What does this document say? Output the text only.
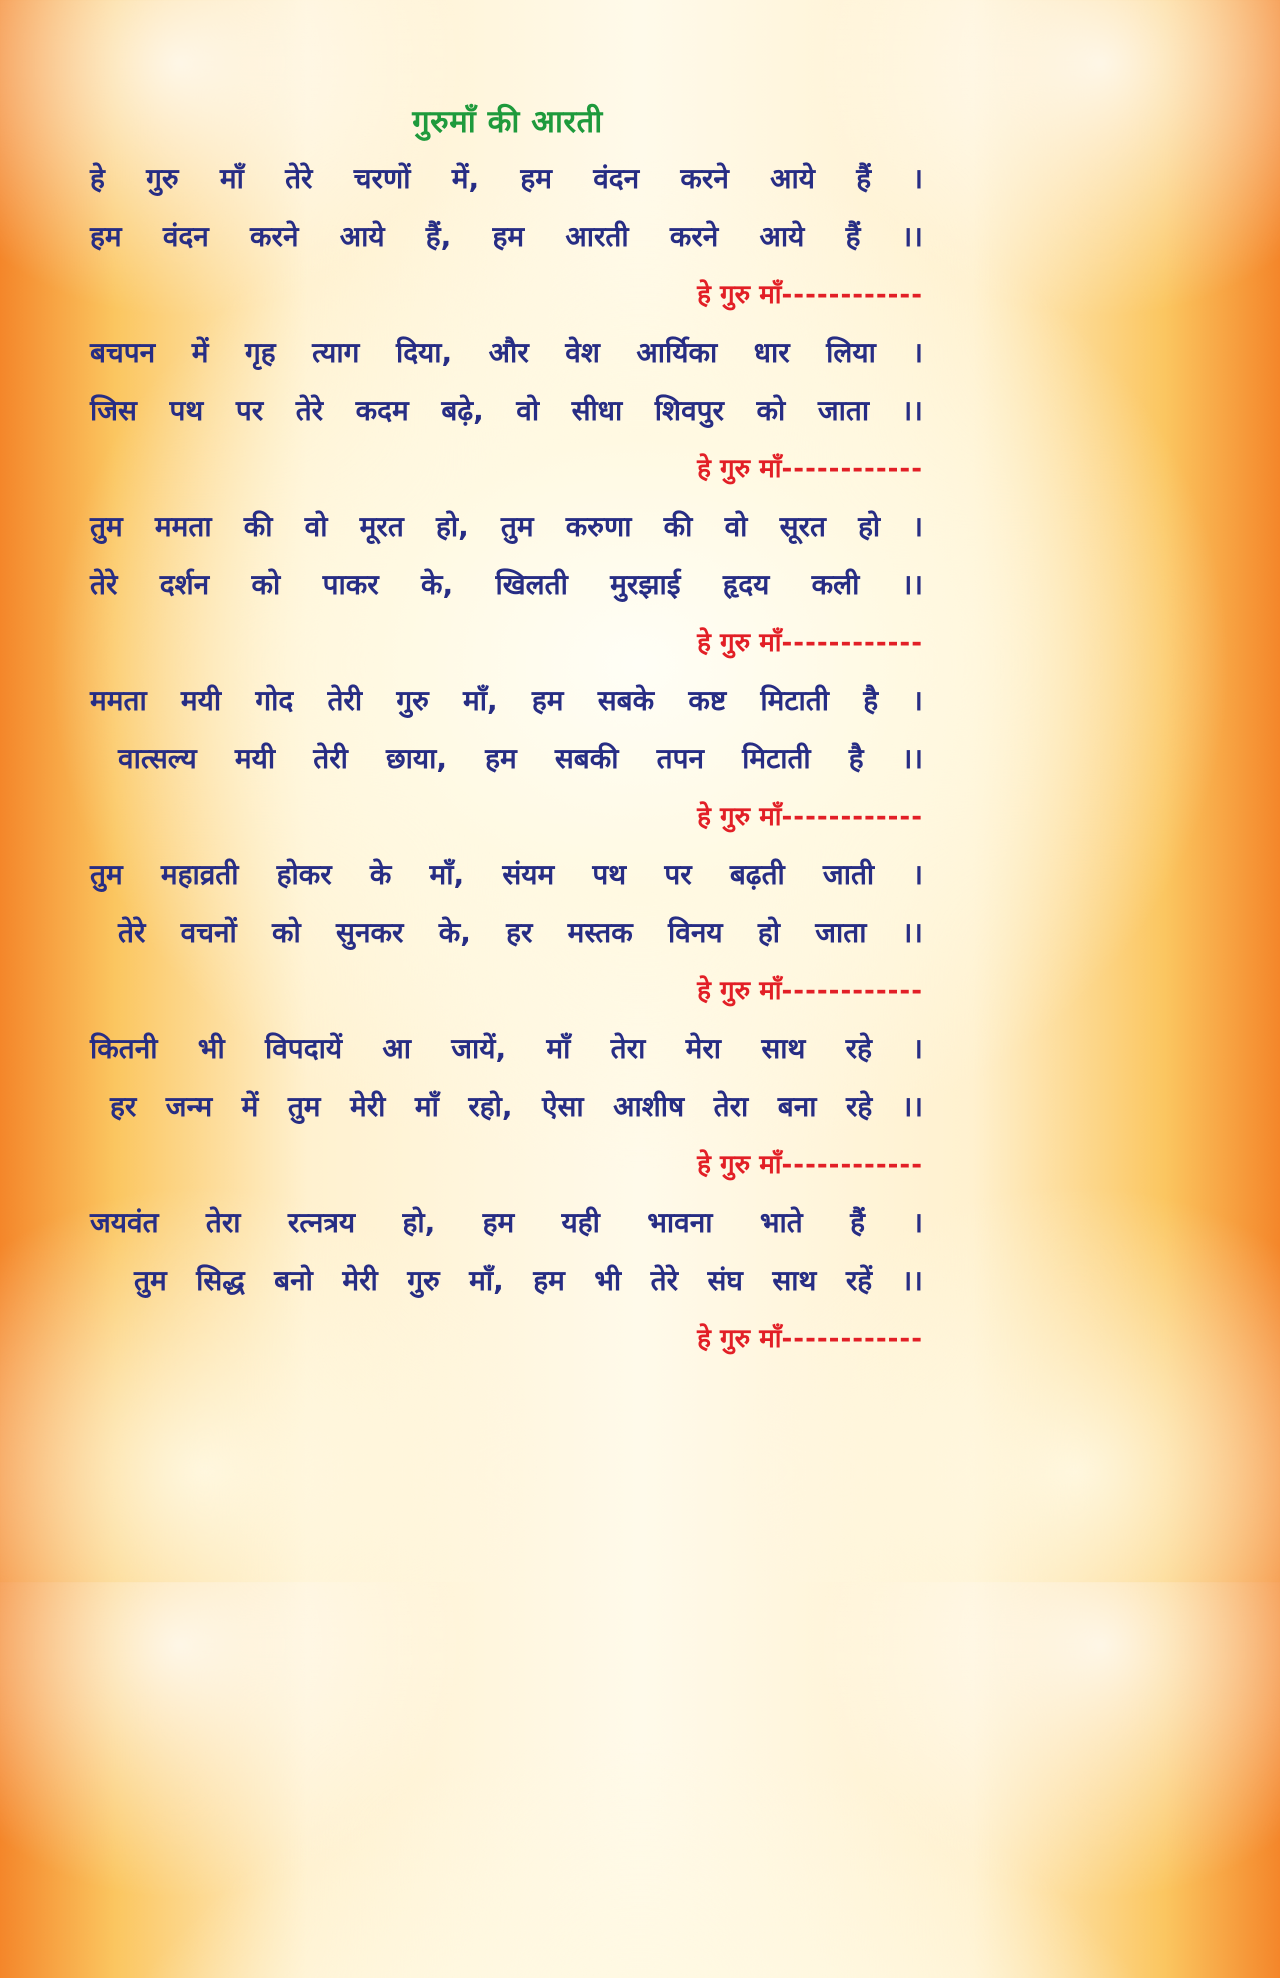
गुरुमाँ की आरती
हे गुरु माँ तेरे चरणों में, हम वंदन करने आये हैं ।
हम वंदन करने आये हैं, हम आरती करने आये हैं ।।
हे गुरु माँ------------
बचपन में गृह त्याग दिया, और वेश आर्यिका धार लिया ।
जिस पथ पर तेरे कदम बढ़े, वो सीधा शिवपुर को जाता ।।
हे गुरु माँ------------
तुम ममता की वो मूरत हो, तुम करुणा की वो सूरत हो ।
तेरे दर्शन को पाकर के, खिलती मुरझाई हृदय कली ।।
हे गुरु माँ------------
ममता मयी गोद तेरी गुरु माँ, हम सबके कष्ट मिटाती है ।
वात्सल्य मयी तेरी छाया, हम सबकी तपन मिटाती है ।।
हे गुरु माँ------------
तुम महाव्रती होकर के माँ, संयम पथ पर बढ़ती जाती ।
तेरे वचनों को सुनकर के, हर मस्तक विनय हो जाता ।।
हे गुरु माँ------------
कितनी भी विपदायें आ जायें, माँ तेरा मेरा साथ रहे ।
हर जन्म में तुम मेरी माँ रहो, ऐसा आशीष तेरा बना रहे ।।
हे गुरु माँ------------
जयवंत तेरा रत्नत्रय हो, हम यही भावना भाते हैं ।
तुम सिद्ध बनो मेरी गुरु माँ, हम भी तेरे संघ साथ रहें ।।
हे गुरु माँ------------
